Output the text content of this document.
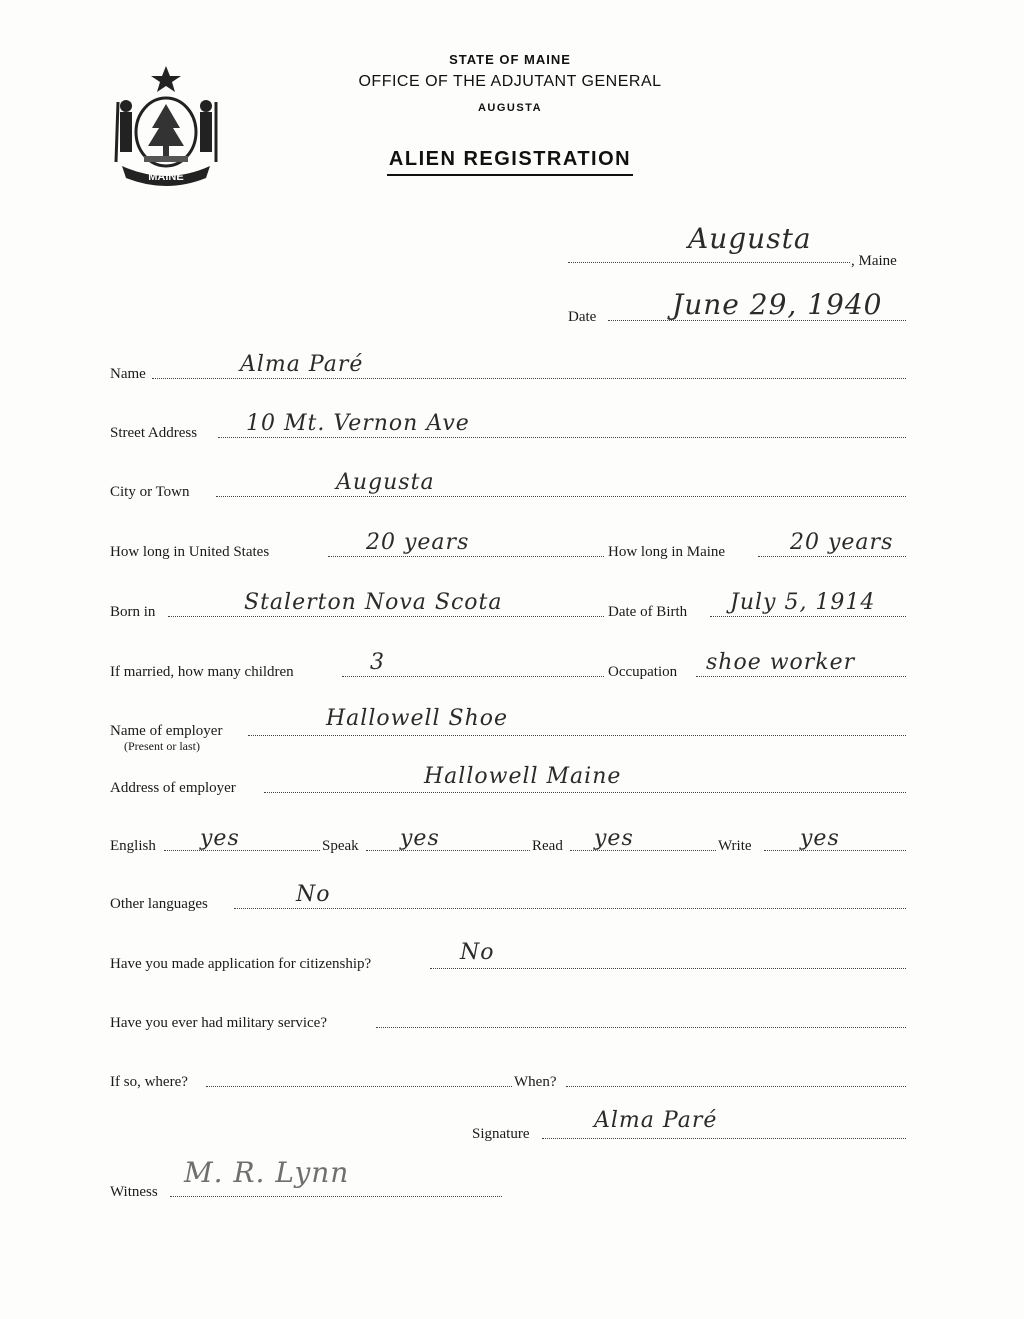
MAINE
STATE OF MAINE
OFFICE OF THE ADJUTANT GENERAL
AUGUSTA
ALIEN REGISTRATION
Augusta
, Maine
Date	June 29, 1940
Name	Alma Paré
Street Address 10 Mt. Vernon Ave
City or Town	Augusta
How long in United States	20 years	How long in Maine	20 years
Born in	Stalerton Nova Scota	Date of Birth July 5, 1914
If married, how many children	3	Occupation shoe worker
Name of employer
(Present or last)
Hallowell Shoe
Address of employer	Hallowell Maine
English yes	Speak yes	Read yes	Write yes
Other languages	No
Have you made application for citizenship?	No
Have you ever had military service?
If so, where?	When?
Signature
Alma Paré
Witness
M. R. Lynn
